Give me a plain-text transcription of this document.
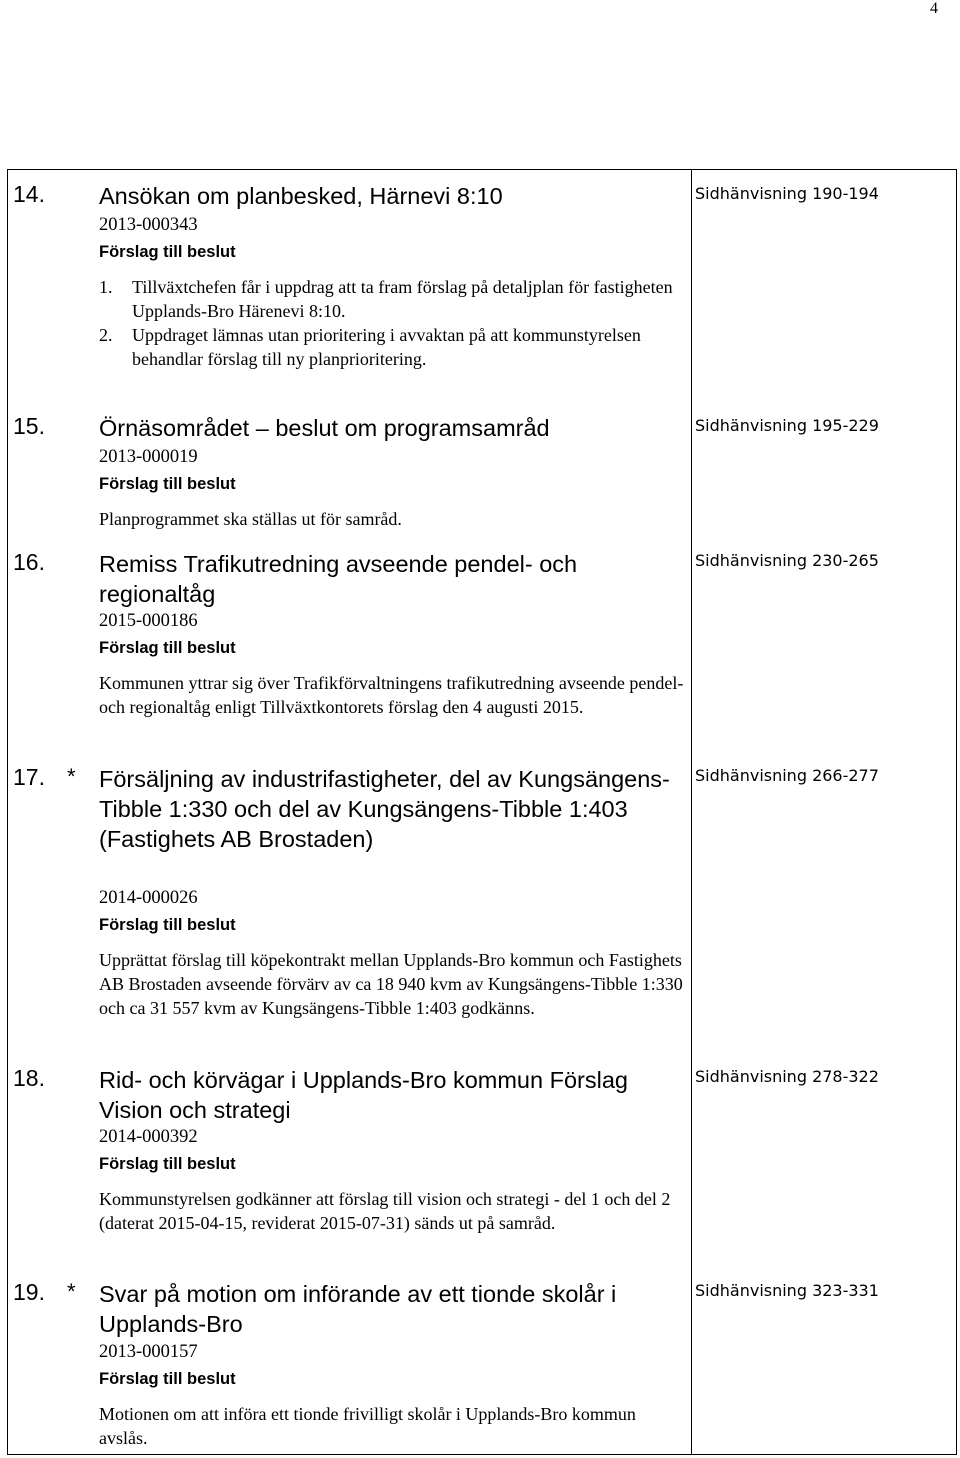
4
14. Ansökan om planbesked, Härnevi 8:10	Sidhänvisning 190-194
2013-000343
Förslag till beslut
1. Tillväxtchefen får i uppdrag att ta fram förslag på detaljplan för fastigheten Upplands-Bro Härenevi 8:10.
2. Uppdraget lämnas utan prioritering i avvaktan på att kommunstyrelsen behandlar förslag till ny planprioritering.
15. Örnäsområdet – beslut om programsamråd	Sidhänvisning 195-229
2013-000019
Förslag till beslut
Planprogrammet ska ställas ut för samråd.
16. Remiss Trafikutredning avseende pendel- och regionaltåg
Sidhänvisning 230-265
2015-000186
Förslag till beslut
Kommunen yttrar sig över Trafikförvaltningens trafikutredning avseende pendel- och regionaltåg enligt Tillväxtkontorets förslag den 4 augusti 2015.
17. * Försäljning av industrifastigheter, del av Kungsängens-Tibble 1:330 och del av Kungsängens-Tibble 1:403 (Fastighets AB Brostaden)
Sidhänvisning 266-277
2014-000026
Förslag till beslut
Upprättat förslag till köpekontrakt mellan Upplands-Bro kommun och Fastighets AB Brostaden avseende förvärv av ca 18 940 kvm av Kungsängens-Tibble 1:330 och ca 31 557 kvm av Kungsängens-Tibble 1:403 godkänns.
18. Rid- och körvägar i Upplands-Bro kommun Förslag Vision och strategi
Sidhänvisning 278-322
2014-000392
Förslag till beslut
Kommunstyrelsen godkänner att förslag till vision och strategi - del 1 och del 2 (daterat 2015-04-15, reviderat 2015-07-31) sänds ut på samråd.
19. * Svar på motion om införande av ett tionde skolår i Upplands-Bro
Sidhänvisning 323-331
2013-000157
Förslag till beslut
Motionen om att införa ett tionde frivilligt skolår i Upplands-Bro kommun avslås.
